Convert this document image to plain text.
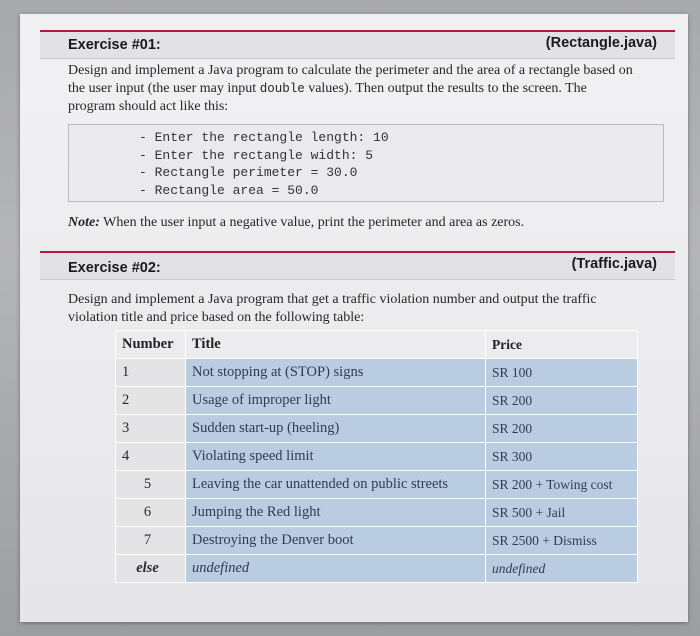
Exercise #01:	(Rectangle.java)
Design and implement a Java program to calculate the perimeter and the area of a rectangle based on
the user input (the user may input double values). Then output the results to the screen. The
program should act like this:
- Enter the rectangle length: 10
- Enter the rectangle width: 5
- Rectangle perimeter = 30.0
- Rectangle area = 50.0
Note: When the user input a negative value, print the perimeter and area as zeros.
Exercise #02:	(Traffic.java)
Design and implement a Java program that get a traffic violation number and output the traffic
violation title and price based on the following table:
Number	Title	Price
1	Not stopping at (STOP) signs	SR 100
2	Usage of improper light	SR 200
3	Sudden start-up (heeling)	SR 200
4	Violating speed limit	SR 300
5	Leaving the car unattended on public streets	SR 200 + Towing cost
6	Jumping the Red light	SR 500 + Jail
7	Destroying the Denver boot	SR 2500 + Dismiss
else	undefined	undefined
